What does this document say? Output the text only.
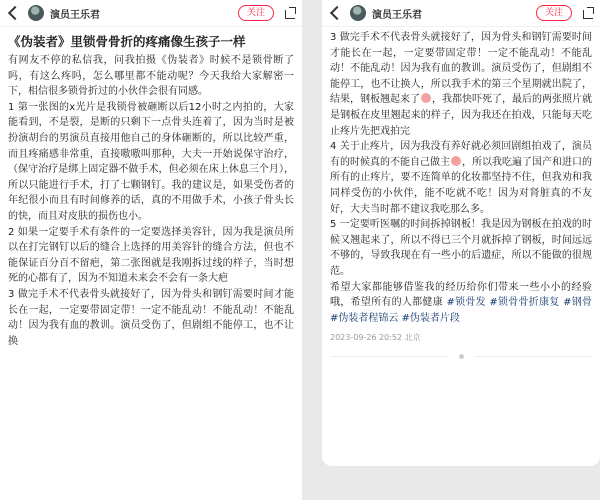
演员王乐君	关注
《伪装者》里锁骨骨折的疼痛像生孩子一样

有网友不停的私信我，问我拍摄《伪装者》时候不是锁骨断了吗，有这么疼吗，怎么哪里都不能动呢？今天我给大家解密一下，相信很多锁骨折过的小伙伴会很有同感。

1 第一张图的x光片是我锁骨被砸断以后12小时之内拍的，大家能看到，不是裂，是断的只剩下一点骨头连着了，因为当时是被扮演胡台的男演员直接用他自己的身体砸断的，所以比较严重，而且疼痛感非常重，直接嗷嗷叫那种，大夫一开始说保守治疗，（保守治疗是绑上固定器不做手术，但必须在床上休息三个月），所以只能进行手术，打了七颗钢钉。我的建议是，如果受伤者的年纪很小而且有时间修养的话，真的不用做手术，小孩子骨头长的快，而且对皮肤的损伤也小。

2 如果一定要手术有条件的一定要选择美容针，因为我是演员所以在打完钢钉以后的缝合上选择的用美容针的缝合方法，但也不能保证百分百不留疤，第二张图就是我刚拆过线的样子，当时想死的心都有了，因为不知道未来会不会有一条大疤

3 做完手术不代表骨头就接好了，因为骨头和钢钉需要时间才能长在一起，一定要带固定带！一定不能乱动！不能乱动！不能乱动！因为我有血的教训。演员受伤了，但剧组不能停工，也不让换

演员王乐君	关注

3 做完手术不代表骨头就接好了，因为骨头和钢钉需要时间才能长在一起，一定要带固定带！一定不能乱动！不能乱动！不能乱动！因为我有血的教训。演员受伤了，但剧组不能停工，也不让换人，所以我手术的第三个星期就出院了，结果，钢板翘起来了 ，我都快吓死了，最后的两张照片就是钢板在皮里翘起来的样子，因为我还在拍戏，只能每天吃止疼片先把戏拍完

4 关于止疼片，因为我没有养好就必须回剧组拍戏了，演员有的时候真的不能自己做主 ，所以我吃遍了国产和进口的所有的止疼片，要不连简单的化妆都坚持不住，但我劝和我同样受伤的小伙伴，能不吃就不吃！因为对肾脏真的不友好，大夫当时都不建议我吃那么多。

5 一定要听医嘱的时间拆掉钢板！我是因为钢板在拍戏的时候又翘起来了，所以不得已三个月就拆掉了钢板，时间远远不够的，导致我现在有一些小的后遗症，所以不能做的很规范。

希望大家都能够借鉴我的经历给你们带来一些小小的经验哦，希望所有的人都健康 #锁骨发 #锁骨骨折康复 #钢骨 #伪装者程锦云 #伪装者片段

2023-09-26 20:52 北京
